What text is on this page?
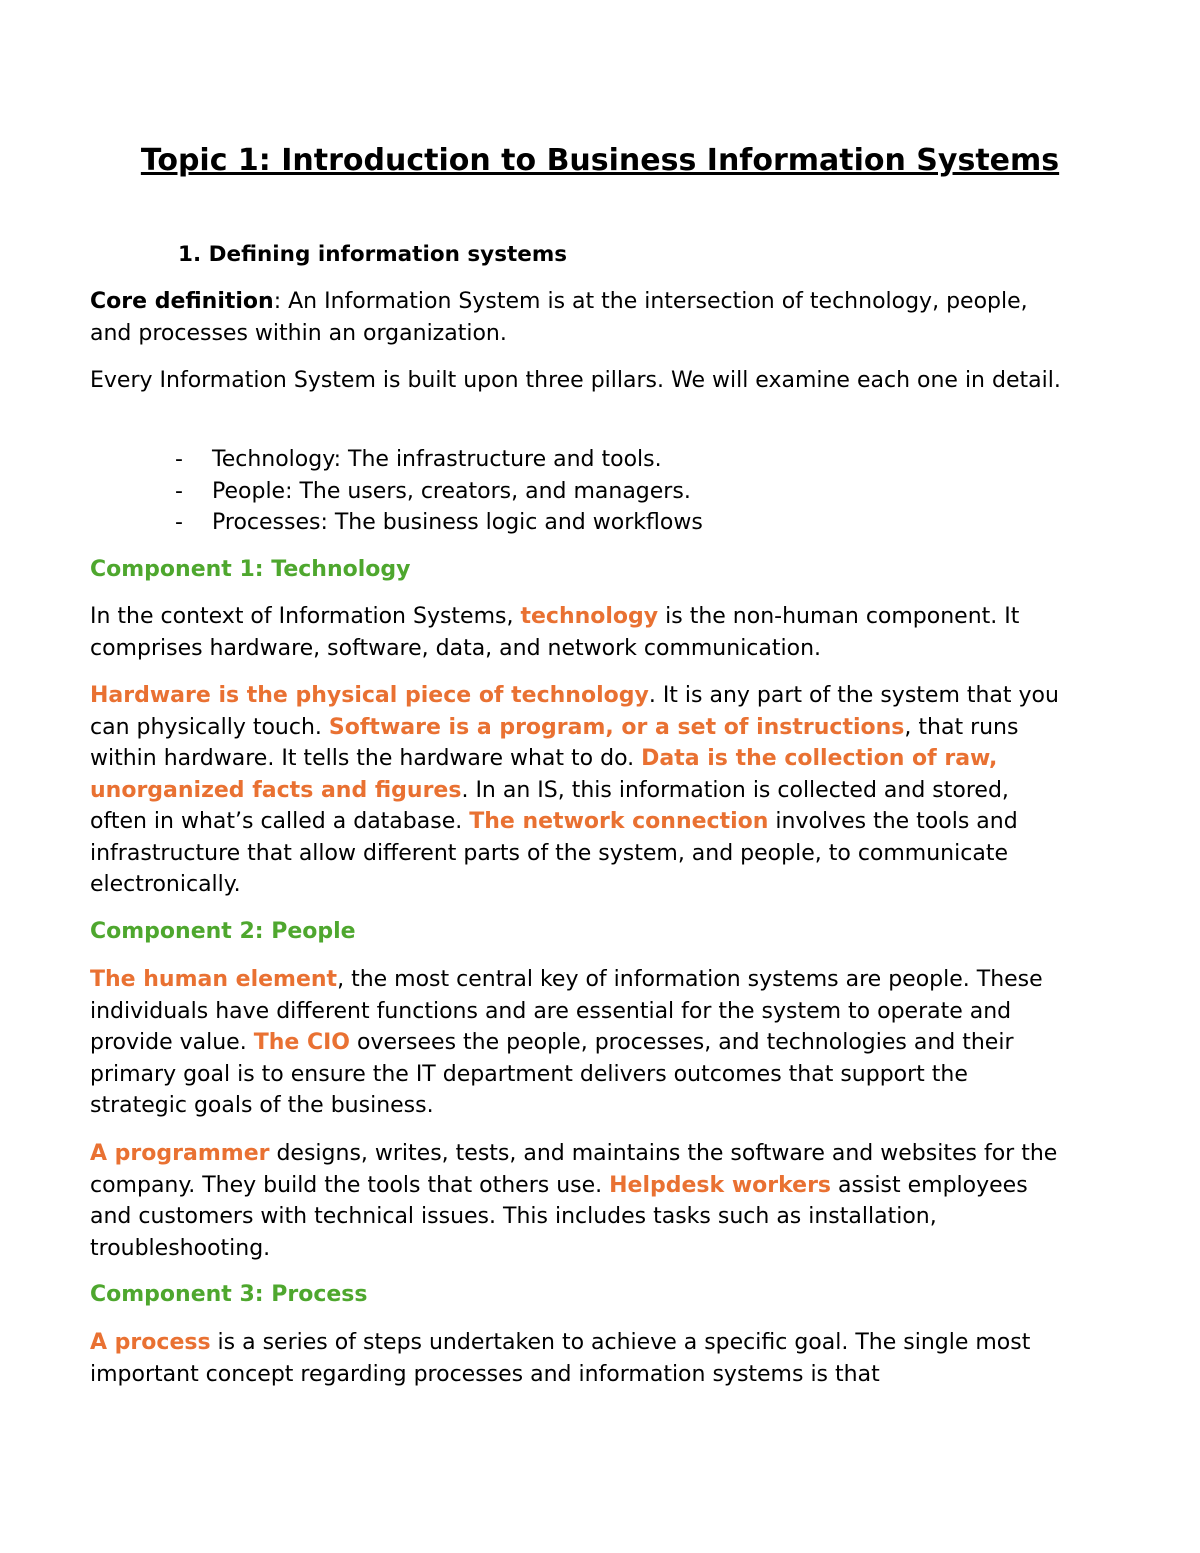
Topic 1: Introduction to Business Information Systems
1. Defining information systems

Core definition: An Information System is at the intersection of technology, people, and processes within an organization.

Every Information System is built upon three pillars. We will examine each one in detail.

- Technology: The infrastructure and tools.
- People: The users, creators, and managers.
- Processes: The business logic and workflows
Component 1: Technology

In the context of Information Systems, technology is the non-human component. It comprises hardware, software, data, and network communication.

Hardware is the physical piece of technology. It is any part of the system that you can physically touch. Software is a program, or a set of instructions, that runs within hardware. It tells the hardware what to do. Data is the collection of raw, unorganized facts and figures. In an IS, this information is collected and stored, often in what’s called a database. The network connection involves the tools and infrastructure that allow different parts of the system, and people, to communicate electronically.

Component 2: People

The human element, the most central key of information systems are people. These individuals have different functions and are essential for the system to operate and provide value. The CIO oversees the people, processes, and technologies and their primary goal is to ensure the IT department delivers outcomes that support the strategic goals of the business.

A programmer designs, writes, tests, and maintains the software and websites for the company. They build the tools that others use. Helpdesk workers assist employees and customers with technical issues. This includes tasks such as installation, troubleshooting.

Component 3: Process

A process is a series of steps undertaken to achieve a specific goal. The single most important concept regarding processes and information systems is that
